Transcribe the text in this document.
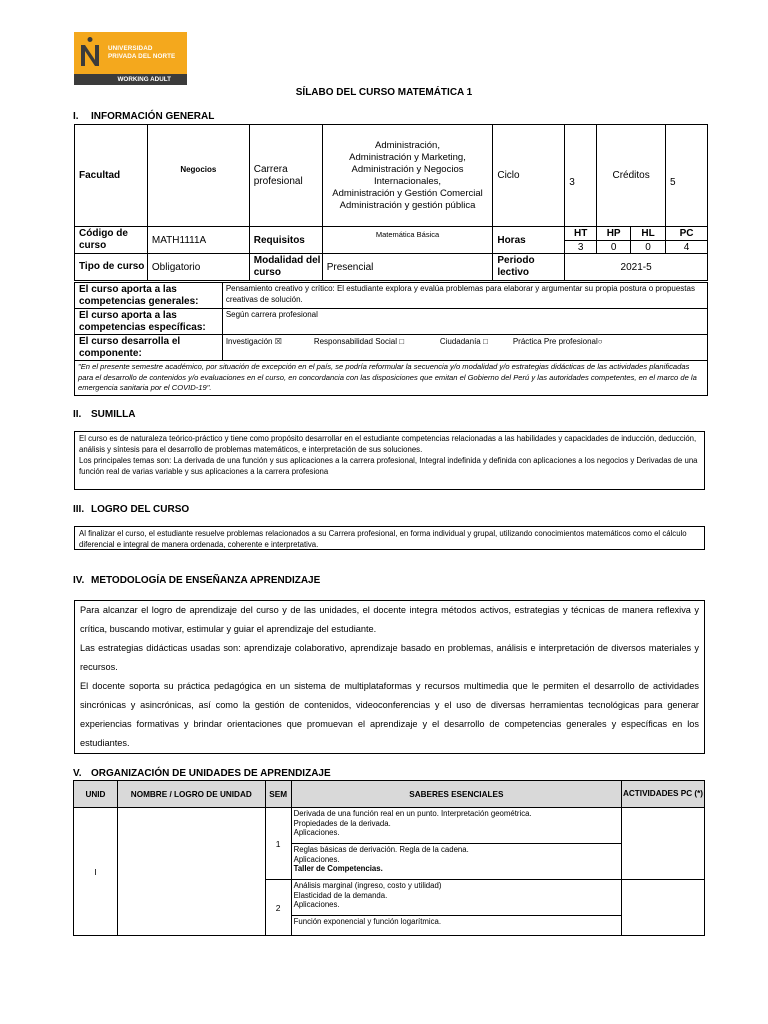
UNIVERSIDAD
PRIVADA DEL NORTE
WORKING ADULT
SÍLABO DEL CURSO MATEMÁTICA 1
I. INFORMACIÓN GENERAL
Facultad	Negocios	Carrera profesional	Administración,
Administración y Marketing,
Administración y Negocios Internacionales,
Administración y Gestión Comercial
Administración y gestión pública	Ciclo	3	Créditos		5
Código de curso	MATH1111A	Requisitos	Matemática Básica	Horas	HT	HP	HL	PC
					3	0	0	4
Tipo de curso	Obligatorio	Modalidad del curso	Presencial	Periodo lectivo	2021-5			
El curso aporta a las competencias generales:	Pensamiento creativo y crítico: El estudiante explora y evalúa problemas para elaborar y argumentar su propia postura o propuestas creativas de solución.
El curso aporta a las competencias específicas:	Según carrera profesional
El curso desarrolla el componente:	Investigación ☒ Responsabilidad Social □ Ciudadanía □ Práctica Pre profesional○
"En el presente semestre académico, por situación de excepción en el país, se podría reformular la secuencia y/o modalidad y/o estrategias didácticas de las actividades planificadas para el desarrollo de contenidos y/o evaluaciones en el curso, en concordancia con las disposiciones que emitan el Gobierno del Perú y las autoridades competentes, en el marco de la emergencia sanitaria por el COVID-19".	
II. SUMILLA
El curso es de naturaleza teórico-práctico y tiene como propósito desarrollar en el estudiante competencias relacionadas a las habilidades y capacidades de inducción, deducción, análisis y síntesis para el desarrollo de problemas matemáticos, e interpretación de sus soluciones.
Los principales temas son: La derivada de una función y sus aplicaciones a la carrera profesional, Integral indefinida y definida con aplicaciones a los negocios y Derivadas de una función real de varias variable y sus aplicaciones a la carrera profesiona
III. LOGRO DEL CURSO
Al finalizar el curso, el estudiante resuelve problemas relacionados a su Carrera profesional, en forma individual y grupal, utilizando conocimientos matemáticos como el cálculo diferencial e integral de manera ordenada, coherente e interpretativa.
IV. METODOLOGÍA DE ENSEÑANZA APRENDIZAJE

Para alcanzar el logro de aprendizaje del curso y de las unidades, el docente integra métodos activos, estrategias y técnicas de manera reflexiva y crítica, buscando motivar, estimular y guiar el aprendizaje del estudiante.

Las estrategias didácticas usadas son: aprendizaje colaborativo, aprendizaje basado en problemas, análisis e interpretación de diversos materiales y recursos.

El docente soporta su práctica pedagógica en un sistema de multiplataformas y recursos multimedia que le permiten el desarrollo de actividades sincrónicas y asincrónicas, así como la gestión de contenidos, videoconferencias y el uso de diversas herramientas tecnológicas para generar experiencias formativas y brindar orientaciones que promuevan el aprendizaje y el desarrollo de competencias generales y específicas en los estudiantes.

V. ORGANIZACIÓN DE UNIDADES DE APRENDIZAJE
UNID	NOMBRE / LOGRO DE UNIDAD	SEM	SABERES ESENCIALES	ACTIVIDADES PC (*)
I		1	Derivada de una función real en un punto. Interpretación geométrica.
Propiedades de la derivada.
Aplicaciones.	

			Reglas básicas de derivación. Regla de la cadena.
Aplicaciones.
Taller de Competencias.	

		2	Análisis marginal (ingreso, costo y utilidad)
Elasticidad de la demanda.
Aplicaciones.	

			Función exponencial y función logarítmica.	
